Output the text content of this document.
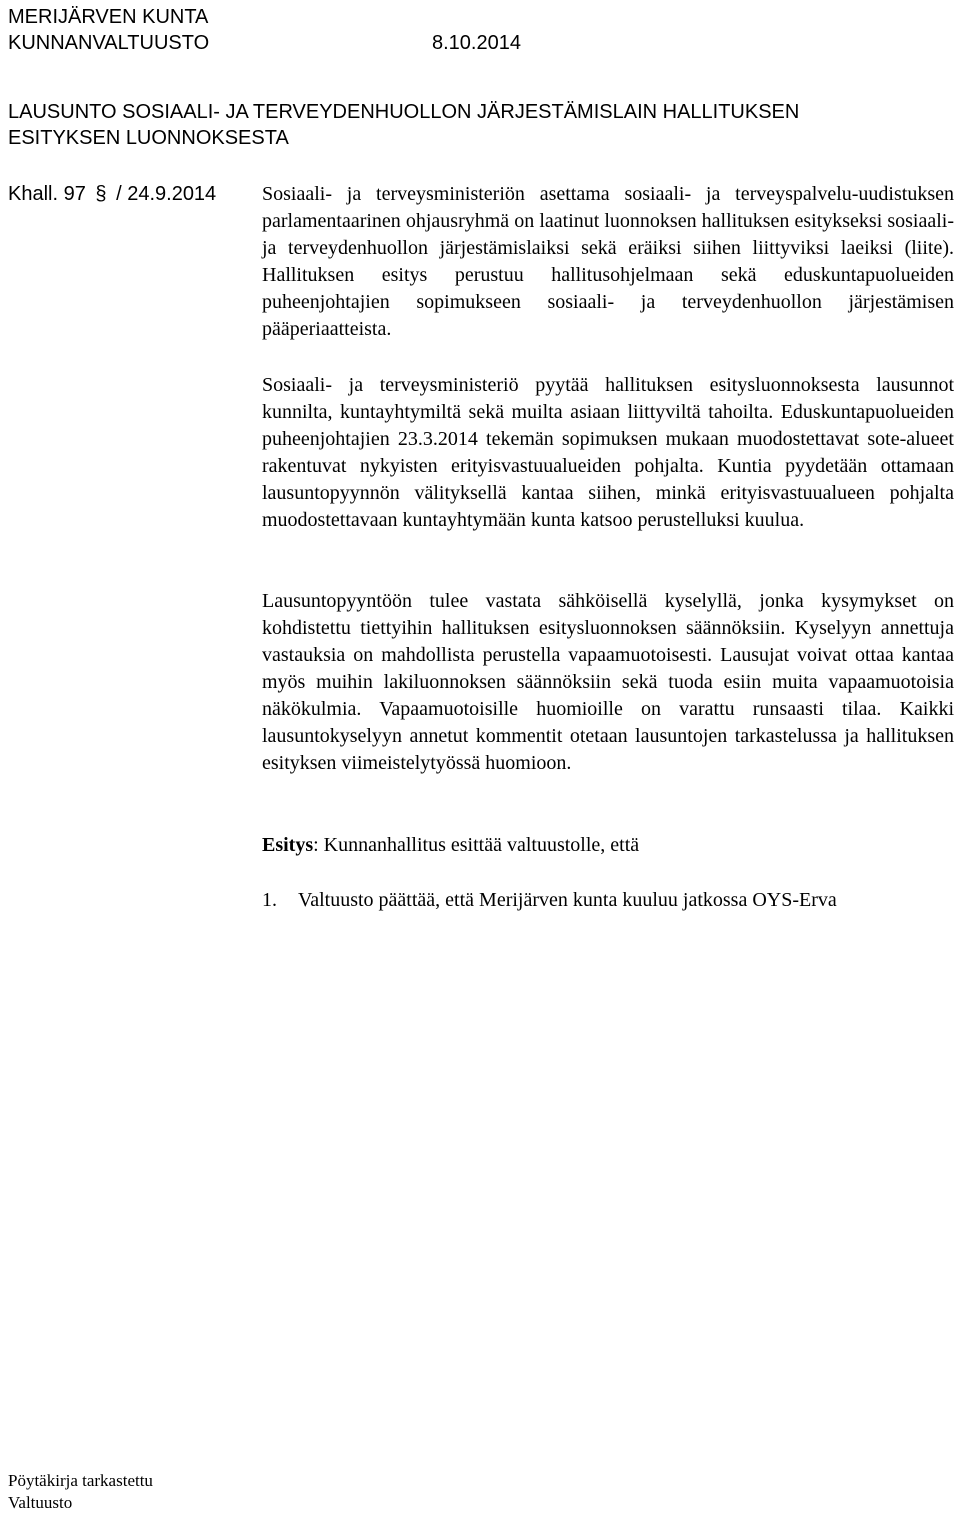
MERIJÄRVEN KUNTA
KUNNANVALTUUSTO	8.10.2014
LAUSUNTO SOSIAALI- JA TERVEYDENHUOLLON JÄRJESTÄMISLAIN HALLITUKSEN
ESITYKSEN LUONNOKSESTA
Khall. 97 § / 24.9.2014 Sosiaali- ja terveysministeriön asettama sosiaali- ja terveyspalvelu-uudistuksen parlamentaarinen ohjausryhmä on laatinut luonnoksen hallituksen esitykseksi sosiaali- ja terveydenhuollon järjestämislaiksi sekä eräiksi siihen liittyviksi laeiksi (liite). Hallituksen esitys perustuu hallitusohjelmaan sekä eduskuntapuolueiden puheenjohtajien sopimukseen sosiaali- ja terveydenhuollon järjestämisen pääperiaatteista.

Sosiaali- ja terveysministeriö pyytää hallituksen esitysluonnoksesta lausunnot kunnilta, kuntayhtymiltä sekä muilta asiaan liittyviltä tahoilta. Eduskuntapuolueiden puheenjohtajien 23.3.2014 tekemän sopimuksen mukaan muodostettavat sote-alueet rakentuvat nykyisten erityisvastuualueiden pohjalta. Kuntia pyydetään ottamaan lausuntopyynnön välityksellä kantaa siihen, minkä erityisvastuualueen pohjalta muodostettavaan kuntayhtymään kunta katsoo perustelluksi kuulua.

Lausuntopyyntöön tulee vastata sähköisellä kyselyllä, jonka kysymykset on kohdistettu tiettyihin hallituksen esitysluonnoksen säännöksiin. Kyselyyn annettuja vastauksia on mahdollista perustella vapaamuotoisesti. Lausujat voivat ottaa kantaa myös muihin lakiluonnoksen säännöksiin sekä tuoda esiin muita vapaamuotoisia näkökulmia. Vapaamuotoisille huomioille on varattu runsaasti tilaa. Kaikki lausuntokyselyyn annetut kommentit otetaan lausuntojen tarkastelussa ja hallituksen esityksen viimeistelytyössä huomioon.

Esitys: Kunnanhallitus esittää valtuustolle, että
1. Valtuusto päättää, että Merijärven kunta kuuluu jatkossa OYS-Erva
Pöytäkirja tarkastettu
Valtuusto
